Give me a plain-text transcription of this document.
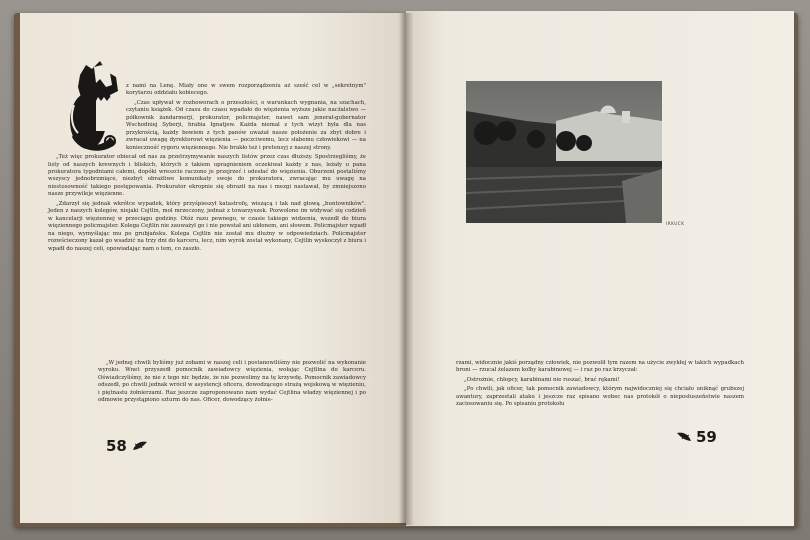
z nami na Lenę. Miały one w swem rozporządzeniu aż sześć cel w „sekretnym" korytarzu oddziału kobiecego.

„Czas upływał w rozhoworach o przeszłości, o warunkach wygnania, na szachach, czytaniu książek. Od czasu do czasu wpadało do więzienia wyższe jakie nacżalstwo — półkownik żandarmerji, prokurator, policmajster, nawet sam jenerał-gubernator Wschodniej Syberji, hrabia Ignatjew. Każda niemal z tych wizyt była dla nas przykrością, każdy bowiem z tych panów uważał nasze położenie za zbyt dobre i zwracał uwagę dyrektorowi więzienia — poczciwemu, lecz słabemu człowiekowi — na konieczność rygoru więziennego. Nie brakło też i pretensyj z naszej strony.

„Też więc prokurator obiecał od nas za przetrzymywanie naszych listów przez czas dłuższy. Spostrzegliśmy, że listy od naszych krewnych i bliskich, których z takiem upragnieniem oczekiwał każdy z nas, leżały u pana prokuratora tygodniami całemi, dopóki wreszcie raczono je przejrzeć i odesłać do więzienia. Oburzeni postaliśmy wszyscy jednobrzmiące, niezbyt obrażliwe komunikaty swoje do prokuratora, zwracając mu uwagę na niestosowność takiego postępowania. Prokurator ekropnie się obraził na nas i mezgi nastawał, by zmniejszono nasze przywileje więzienne.

„Zdarzył się jednak wkrótce wypadek, który przyśpieszył katastrofę, wiszącą i tak nad głową „buntowników". Jeden z naszych kolegów, niejaki Cejtlin, mol mrzeczony, jednaż z towarzyszek. Pozwolono im widywać się codzień w kancelarji więziennej w przeciągu godziny. Otóż razu pewnego, w czasie takiego widzenia, wszedł do biura więziennego policmajster. Kolega Cejtlin nie zauważył go i nie powstał ani ukłonem, ani słowem. Policmajster wpadł na niego, wymyślając mu po grubjańsku. Kolega Cejtlin nie został mu dłużny w odpowiedziach. Policmajster rozwścieczony kazał go wsadzić na trzy dni do karceru, lecz, nim wyrok został wykonany, Cejtlin wyskoczył z biura i wpadł do naszej celi, opowiadając nam o tem, co zaszło.

„W jednej chwili byliśmy już zobami w naszej celi i postanowiliśmy nie pozwolić na wykonanie wyroku. Wnet przyszedł pomocnik zawiadowcy więzienia, wołając Cejtlina do karceru. Oświadczyliśmy, że nie z tego nic będzie, że nie pozwolimy na tę krzywdę. Pomocnik zawiadowcy odszedł, po chwili jednak wrócił w asystencji oficera, dowodzącego strażą wojskową w więzieniu, i piętnastu żołnierzami. Raz jeszcze zaproponowano nam wydać Cejtlina władzy więziennej i po odmowie przystąpiono szturm do nas. Oficer, dowodzący żołnie-

58
IRKUCK

rzami, widocznie jakiś porządny człowiek, nie pozwolił tym razem na użycie zwykłej w takich wypadkach broni — rzucał żelazem kolby karabinowej — i raz po raz krzyczał:

„Ostrożnie, chłopcy, karabinami nie ruszać, brać rękami!

„Po chwili, jak oficer, tak pomocnik zawiadowcy, którym najwidoczniej się chciało uniknąć grubszej awantury, zaprzestali ataku i jeszcze raz spisano wobec nas protokół o nieposłuszeństwie naszem zaciosowaniu się. Po spisaniu protokołu

59
